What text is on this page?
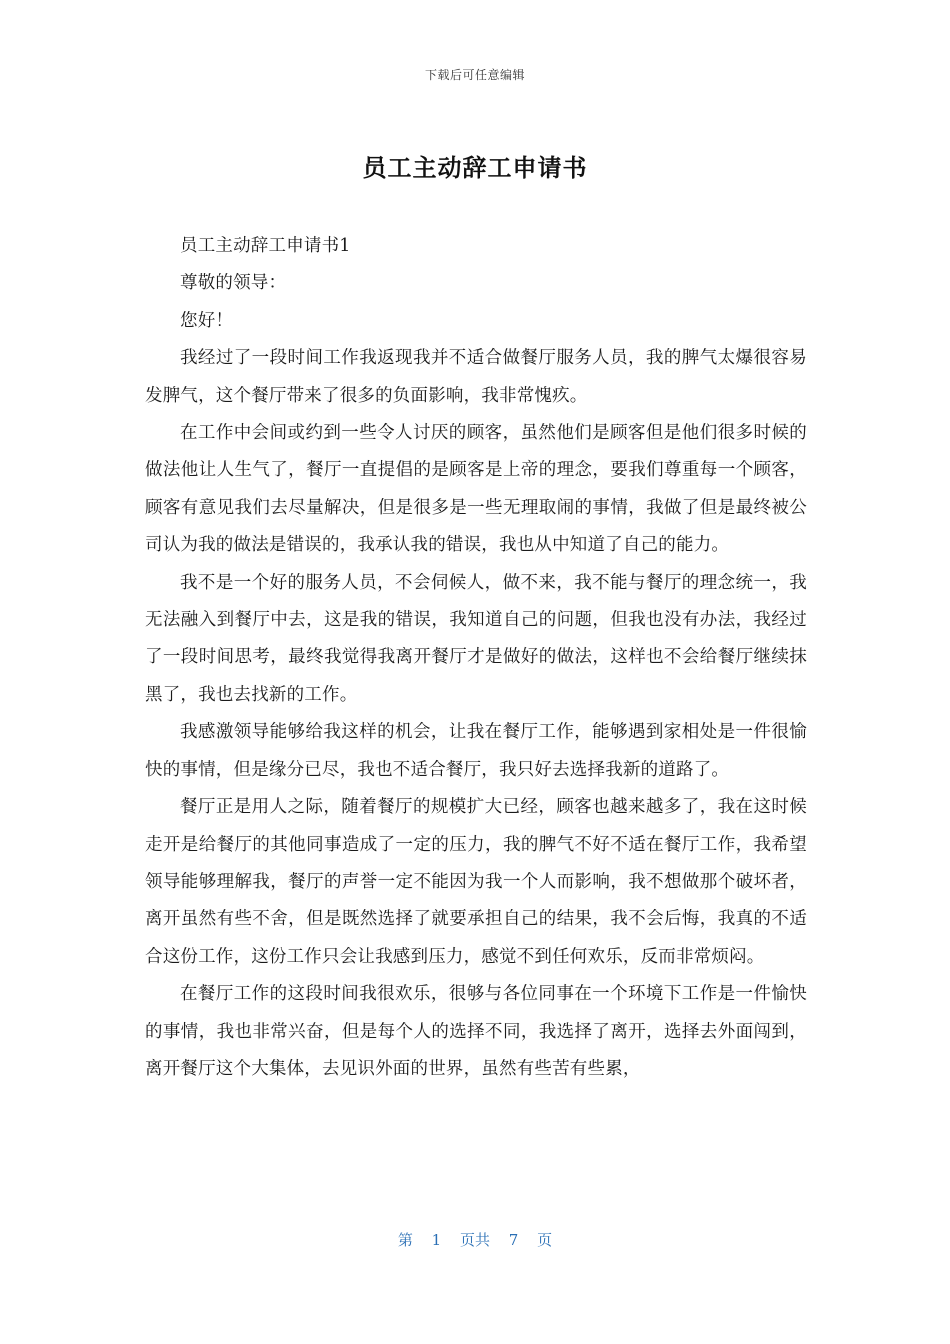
下载后可任意编辑
员工主动辞工申请书

员工主动辞工申请书1

尊敬的领导：

您好！

我经过了一段时间工作我返现我并不适合做餐厅服务人员，我的脾气太爆很容易发脾气，这个餐厅带来了很多的负面影响，我非常愧疚。

在工作中会间或约到一些令人讨厌的顾客，虽然他们是顾客但是他们很多时候的做法他让人生气了，餐厅一直提倡的是顾客是上帝的理念，要我们尊重每一个顾客，顾客有意见我们去尽量解决，但是很多是一些无理取闹的事情，我做了但是最终被公司认为我的做法是错误的，我承认我的错误，我也从中知道了自己的能力。

我不是一个好的服务人员，不会伺候人，做不来，我不能与餐厅的理念统一，我无法融入到餐厅中去，这是我的错误，我知道自己的问题，但我也没有办法，我经过了一段时间思考，最终我觉得我离开餐厅才是做好的做法，这样也不会给餐厅继续抹黑了，我也去找新的工作。

我感激领导能够给我这样的机会，让我在餐厅工作，能够遇到家相处是一件很愉快的事情，但是缘分已尽，我也不适合餐厅，我只好去选择我新的道路了。

餐厅正是用人之际，随着餐厅的规模扩大已经，顾客也越来越多了，我在这时候走开是给餐厅的其他同事造成了一定的压力，我的脾气不好不适在餐厅工作，我希望领导能够理解我，餐厅的声誉一定不能因为我一个人而影响，我不想做那个破坏者，离开虽然有些不舍，但是既然选择了就要承担自己的结果，我不会后悔，我真的不适合这份工作，这份工作只会让我感到压力，感觉不到任何欢乐，反而非常烦闷。

在餐厅工作的这段时间我很欢乐，很够与各位同事在一个环境下工作是一件愉快的事情，我也非常兴奋，但是每个人的选择不同，我选择了离开，选择去外面闯到，离开餐厅这个大集体，去见识外面的世界，虽然有些苦有些累，

第 1 页共 7 页
